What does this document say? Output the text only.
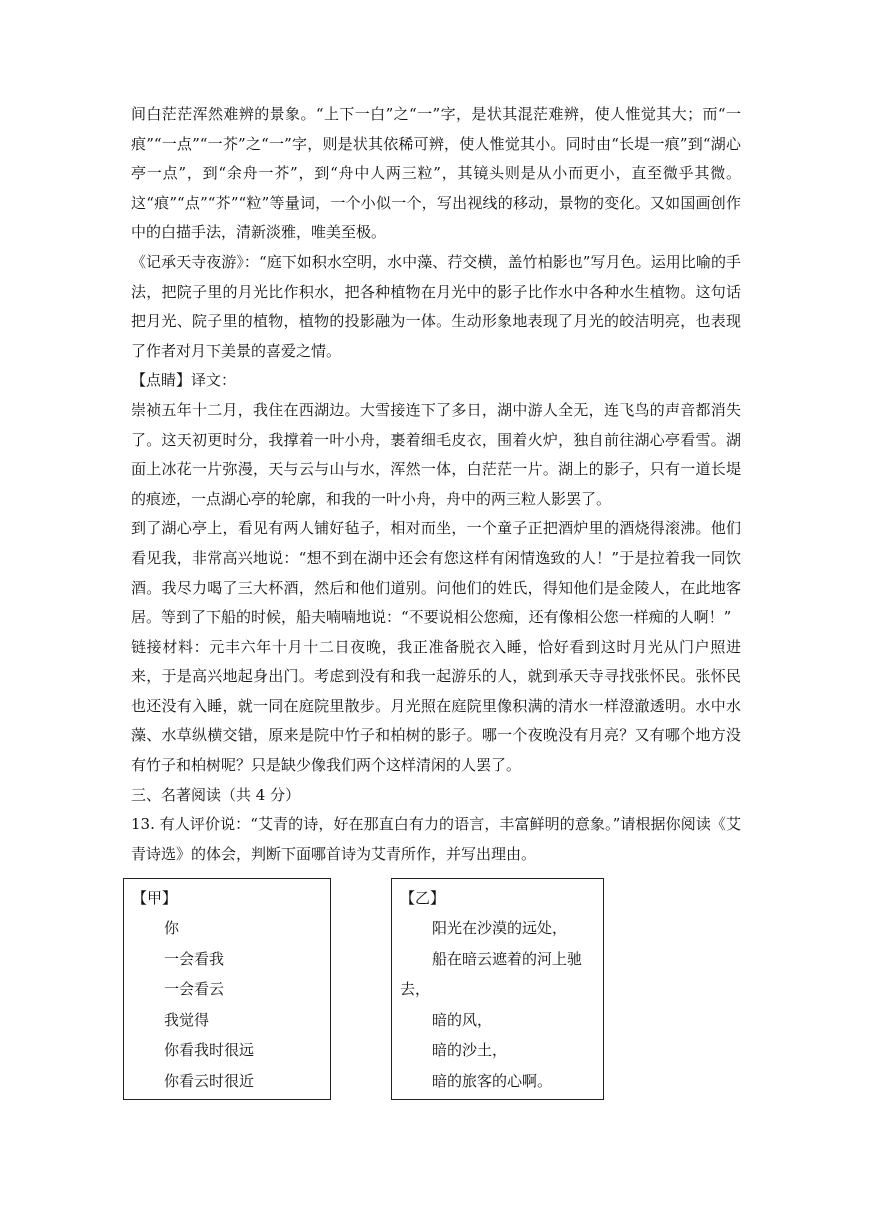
间白茫茫浑然难辨的景象。“上下一白”之“一”字，是状其混茫难辨，使人惟觉其大；而“一痕”“一点”“一芥”之“一”字，则是状其依稀可辨，使人惟觉其小。同时由“长堤一痕”到“湖心亭一点”，到“余舟一芥”，到“舟中人两三粒”，其镜头则是从小而更小，直至微乎其微。这“痕”“点”“芥”“粒”等量词，一个小似一个，写出视线的移动，景物的变化。又如国画创作中的白描手法，清新淡雅，唯美至极。

《记承天寺夜游》：“庭下如积水空明，水中藻、荇交横，盖竹柏影也”写月色。运用比喻的手法，把院子里的月光比作积水，把各种植物在月光中的影子比作水中各种水生植物。这句话把月光、院子里的植物，植物的投影融为一体。生动形象地表现了月光的皎洁明亮，也表现了作者对月下美景的喜爱之情。

【点睛】译文：

崇祯五年十二月，我住在西湖边。大雪接连下了多日，湖中游人全无，连飞鸟的声音都消失了。这天初更时分，我撑着一叶小舟，裹着细毛皮衣，围着火炉，独自前往湖心亭看雪。湖面上冰花一片弥漫，天与云与山与水，浑然一体，白茫茫一片。湖上的影子，只有一道长堤的痕迹，一点湖心亭的轮廓，和我的一叶小舟，舟中的两三粒人影罢了。

到了湖心亭上，看见有两人铺好毡子，相对而坐，一个童子正把酒炉里的酒烧得滚沸。他们看见我，非常高兴地说：“想不到在湖中还会有您这样有闲情逸致的人！”于是拉着我一同饮酒。我尽力喝了三大杯酒，然后和他们道别。问他们的姓氏，得知他们是金陵人，在此地客居。等到了下船的时候，船夫喃喃地说：“不要说相公您痴，还有像相公您一样痴的人啊！”

链接材料：元丰六年十月十二日夜晚，我正准备脱衣入睡，恰好看到这时月光从门户照进来，于是高兴地起身出门。考虑到没有和我一起游乐的人，就到承天寺寻找张怀民。张怀民也还没有入睡，就一同在庭院里散步。月光照在庭院里像积满的清水一样澄澈透明。水中水藻、水草纵横交错，原来是院中竹子和柏树的影子。哪一个夜晚没有月亮？又有哪个地方没有竹子和柏树呢？只是缺少像我们两个这样清闲的人罢了。

三、名著阅读（共 4 分）

13. 有人评价说：“艾青的诗，好在那直白有力的语言，丰富鲜明的意象。”请根据你阅读《艾青诗选》的体会，判断下面哪首诗为艾青所作，并写出理由。

【甲】
你
一会看我
一会看云
我觉得
你看我时很远
你看云时很近
【乙】
阳光在沙漠的远处，
船在暗云遮着的河上驰
去，
暗的风，
暗的沙土，
暗的旅客的心啊。
